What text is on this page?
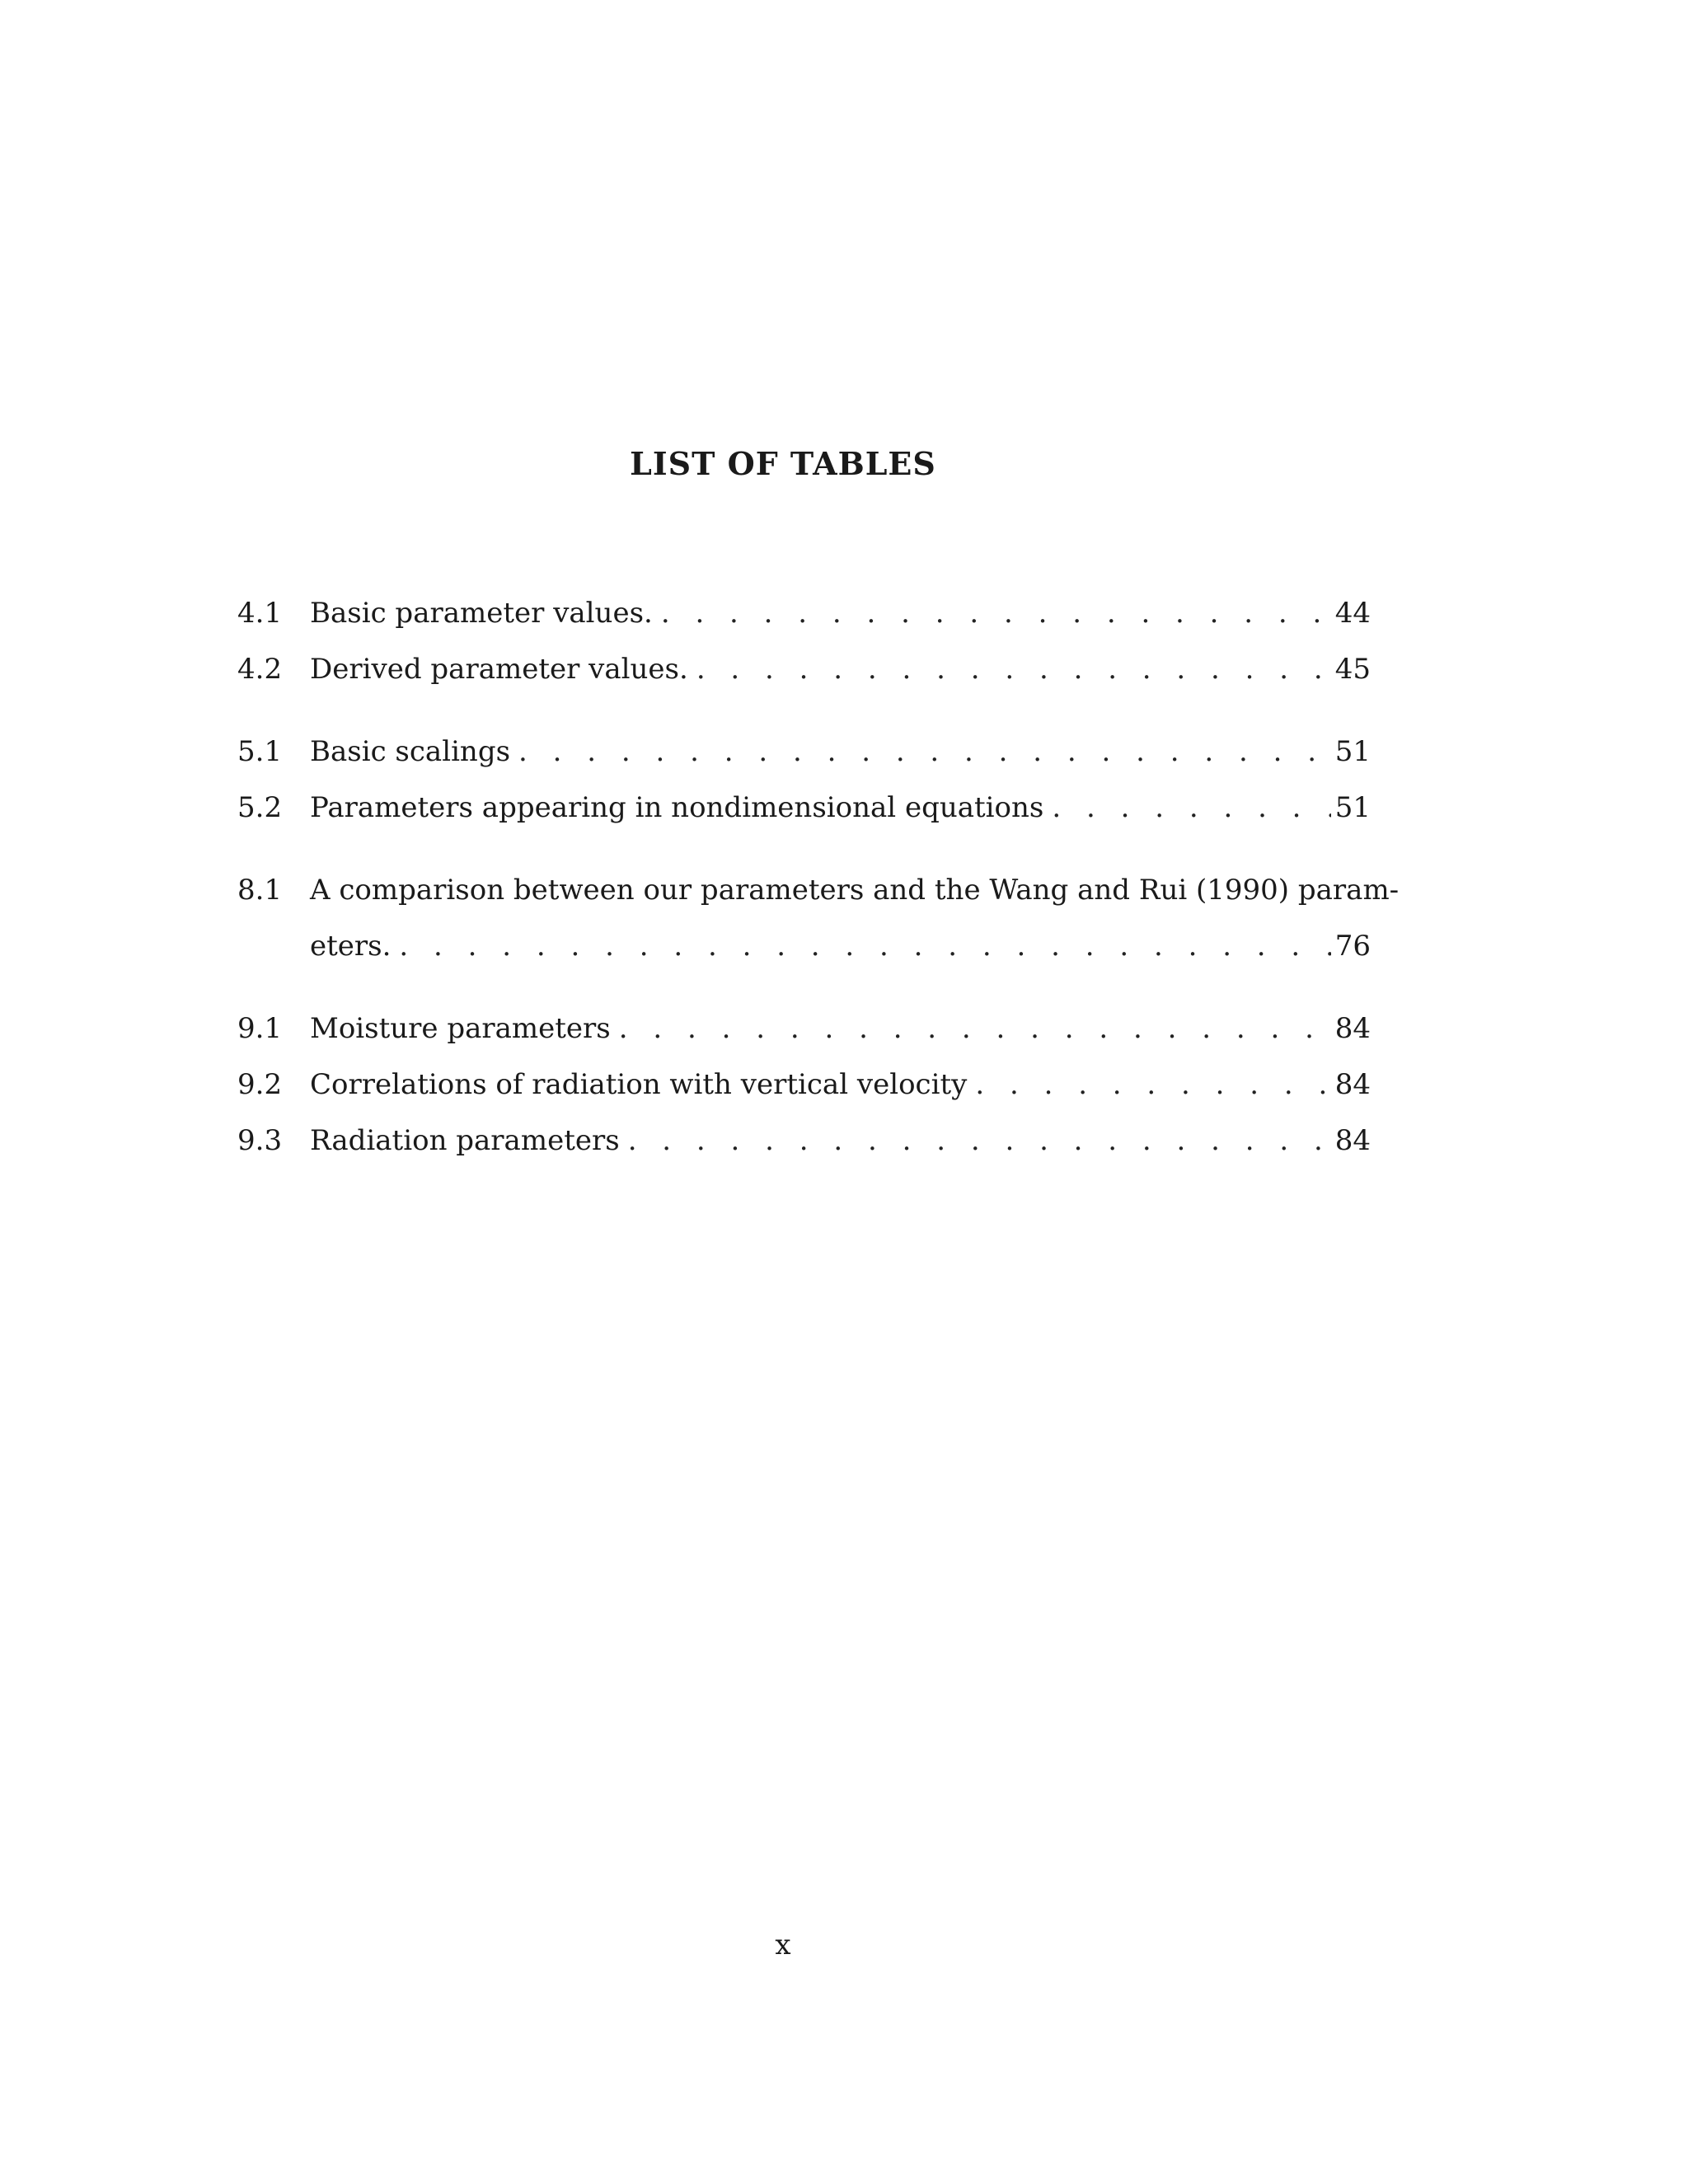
LIST OF TABLES
4.1 Basic parameter values. . . .	44
4.2 Derived parameter values. . . .	45
5.1 Basic scalings . . .	51
5.2 Parameters appearing in nondimensional equations . . .	51
8.1 A comparison between our parameters and the Wang and Rui (1990) param-
eters. . . .	76
9.1 Moisture parameters . . .	84
9.2 Correlations of radiation with vertical velocity . . .	84
9.3 Radiation parameters . . .	84
x
